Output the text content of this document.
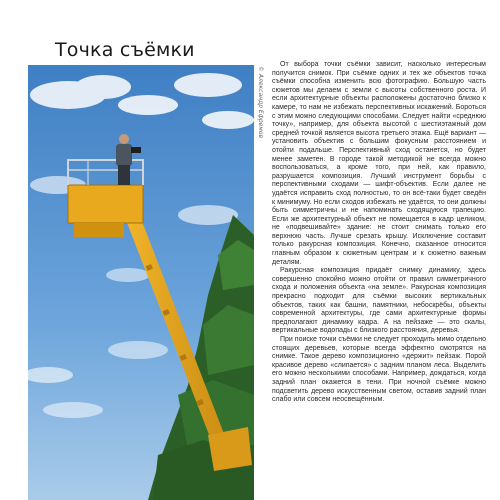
Точка съёмки
© Александр Ефремов

От выбора точки съёмки зависит, насколько интересным получится снимок. При съёмке одних и тех же объектов точка съёмки способна изменить всю фотографию. Большую часть сюжетов мы делаем с земли с высоты собственного роста. И если архитектурные объекты расположены достаточно близко к камере, то нам не избежать перспективных искажений. Бороться с этим можно следующими способами. Следует найти «среднюю точку», например, для объекта высотой с шестиэтажный дом средней точкой является высота третьего этажа. Ещё вариант — установить объектив с большим фокусным расстоянием и отойти подальше. Перспективный сход останется, но будет менее заметен. В городе такой методикой не всегда можно воспользоваться, а кроме того, при ней, как правило, разрушается композиция. Лучший инструмент борьбы с перспективными сходами — шифт-объектив. Если далее не удаётся исправить сход полностью, то он всё-таки будет сведён к минимуму. Но если сходов избежать не удаётся, то они должны быть симметричны и не напоминать сходящуюся трапецию. Если же архитектурный объект не помещается в кадр целиком, не «подвешивайте» здание: не стоит снимать только его верхнюю часть. Лучше срезать крышу. Исключение составит только ракурсная композиция. Конечно, сказанное относится главным образом к сюжетным центрам и к сюжетно важным деталям.

Ракурсная композиция придаёт снимку динамику, здесь совершенно спокойно можно отойти от правил симметричного схода и положения объекта «на земле». Ракурсная композиция прекрасно подходит для съёмки высоких вертикальных объектов, таких как башни, памятники, небоскрёбы, объекты современной архитектуры, где сами архитектурные формы предполагают динамику кадра. А на пейзаже — это скалы, вертикальные водопады с близкого расстояния, деревья.

При поиске точки съёмки не следует проходить мимо отдельно стоящих деревьев, которые всегда эффектно смотрятся на снимке. Такое дерево композиционно «держит» пейзаж. Порой красивое дерево «слипается» с задним планом леса. Выделить его можно несколькими способами. Например, дождаться, когда задний план окажется в тени. При ночной съёмке можно подсветить дерево искусственным светом, оставив задний план слабо или совсем неосвещённым.
